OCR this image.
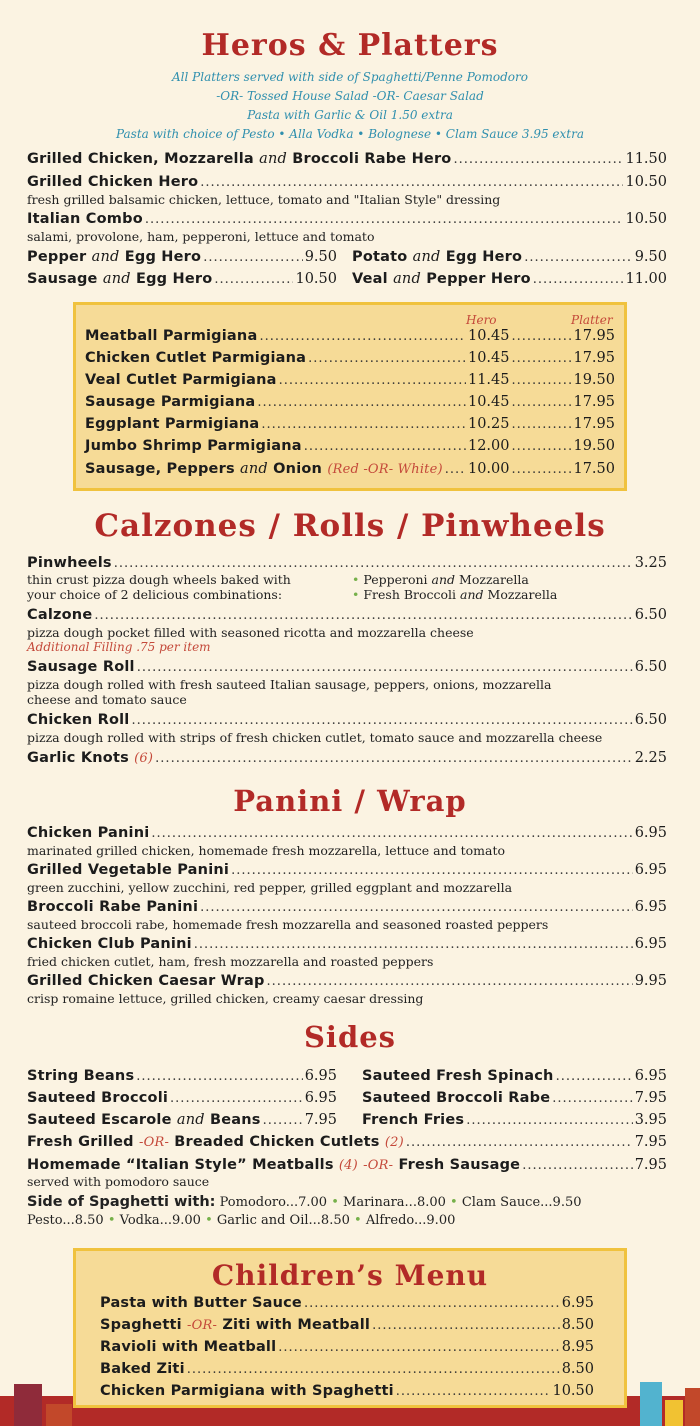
Heros & Platters
All Platters served with side of Spaghetti/Penne Pomodoro
-OR- Tossed House Salad -OR- Caesar Salad
Pasta with Garlic & Oil 1.50 extra
Pasta with choice of Pesto • Alla Vodka • Bolognese • Clam Sauce 3.95 extra
Grilled Chicken, Mozzarella and Broccoli Rabe Hero .....	11.50
Grilled Chicken Hero .....	10.50
fresh grilled balsamic chicken, lettuce, tomato and "Italian Style" dressing
Italian Combo .....	10.50
salami, provolone, ham, pepperoni, lettuce and tomato
Pepper and Egg Hero .....	9.50 Potato and Egg Hero .....	9.50
Sausage and Egg Hero .....	10.50 Veal and Pepper Hero .....	11.00
Hero	Platter
Meatball Parmigiana .....	10.45 .....	17.95
Chicken Cutlet Parmigiana .....	10.45 .....	17.95
Veal Cutlet Parmigiana .....	11.45 .....	19.50
Sausage Parmigiana .....	10.45 .....	17.95
Eggplant Parmigiana .....	10.25 .....	17.95
Jumbo Shrimp Parmigiana .....	12.00 .....	19.50
Sausage, Peppers and Onion (Red -OR- White) ..... 10.00 .....	17.50
Calzones / Rolls / Pinwheels
Pinwheels .....	3.25
thin crust pizza dough wheels baked with
your choice of 2 delicious combinations:
• Pepperoni and Mozzarella
• Fresh Broccoli and Mozzarella
Calzone .....	6.50
pizza dough pocket filled with seasoned ricotta and mozzarella cheese
Additional Filling .75 per item
Sausage Roll .....	6.50
pizza dough rolled with fresh sauteed Italian sausage, peppers, onions, mozzarella
cheese and tomato sauce
Chicken Roll .....	6.50
pizza dough rolled with strips of fresh chicken cutlet, tomato sauce and mozzarella cheese
Garlic Knots (6) .....	2.25
Panini / Wrap
Chicken Panini .....	6.95
marinated grilled chicken, homemade fresh mozzarella, lettuce and tomato
Grilled Vegetable Panini .....	6.95
green zucchini, yellow zucchini, red pepper, grilled eggplant and mozzarella
Broccoli Rabe Panini .....	6.95
sauteed broccoli rabe, homemade fresh mozzarella and seasoned roasted peppers
Chicken Club Panini .....	6.95
fried chicken cutlet, ham, fresh mozzarella and roasted peppers
Grilled Chicken Caesar Wrap .....	9.95
crisp romaine lettuce, grilled chicken, creamy caesar dressing
Sides
String Beans .....	6.95 Sauteed Fresh Spinach .....	6.95
Sauteed Broccoli .....	6.95 Sauteed Broccoli Rabe .....	7.95
Sauteed Escarole and Beans .....	7.95 French Fries .....	3.95
Fresh Grilled -OR- Breaded Chicken Cutlets (2) .....	7.95
Homemade “Italian Style” Meatballs (4) -OR- Fresh Sausage .....	7.95
served with pomodoro sauce
Side of Spaghetti with: Pomodoro...7.00 • Marinara...8.00 • Clam Sauce...9.50
Pesto...8.50 • Vodka...9.00 • Garlic and Oil...8.50 • Alfredo...9.00
Children’s Menu
Pasta with Butter Sauce .....	6.95
Spaghetti -OR- Ziti with Meatball .....	8.50
Ravioli with Meatball .....	8.95
Baked Ziti .....	8.50
Chicken Parmigiana with Spaghetti .....	10.50
